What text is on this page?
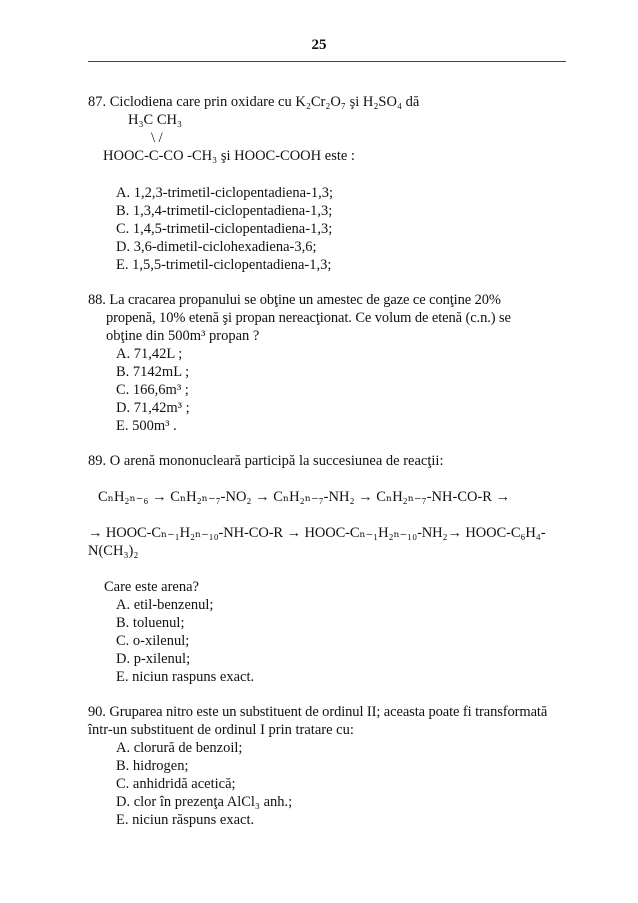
25
87. Ciclodiena care prin oxidare cu K₂Cr₂O₇ şi H₂SO₄ dă
H₃C CH₃
\ /
HOOC-C-CO -CH₃ şi HOOC-COOH este :
A. 1,2,3-trimetil-ciclopentadiena-1,3;
B. 1,3,4-trimetil-ciclopentadiena-1,3;
C. 1,4,5-trimetil-ciclopentadiena-1,3;
D. 3,6-dimetil-ciclohexadiena-3,6;
E. 1,5,5-trimetil-ciclopentadiena-1,3;
88. La cracarea propanului se obţine un amestec de gaze ce conţine 20%
propenă, 10% etenă şi propan nereacţionat. Ce volum de etenă (c.n.) se
obţine din 500m³ propan ?
A. 71,42L ;
B. 7142mL ;
C. 166,6m³ ;
D. 71,42m³ ;
E. 500m³ .
89. O arenă mononucleară participă la succesiunea de reacţii:
CₙH₂ₙ₋₆ → CₙH₂ₙ₋₇-NO₂ → CₙH₂ₙ₋₇-NH₂ → CₙH₂ₙ₋₇-NH-CO-R →
→ HOOC-Cₙ₋₁H₂ₙ₋₁₀-NH-CO-R → HOOC-Cₙ₋₁H₂ₙ₋₁₀-NH₂→ HOOC-C₆H₄-
N(CH₃)₂
Care este arena?
A. etil-benzenul;
B. toluenul;
C. o-xilenul;
D. p-xilenul;
E. niciun raspuns exact.
90. Gruparea nitro este un substituent de ordinul II; aceasta poate fi transformată
într-un substituent de ordinul I prin tratare cu:
A. clorură de benzoil;
B. hidrogen;
C. anhidridă acetică;
D. clor în prezenţa AlCl₃ anh.;
E. niciun răspuns exact.
